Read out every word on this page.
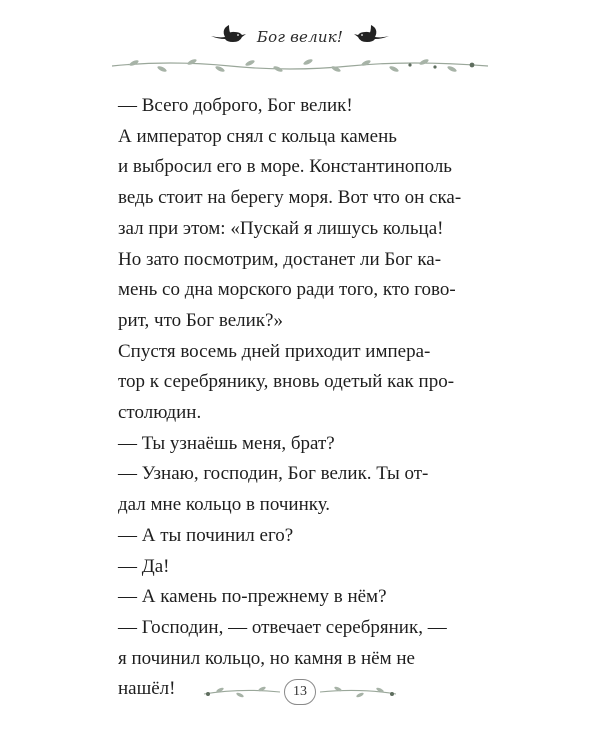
Бог велик!

— Всего доброго, Бог велик!

А император снял с кольца камень

и выбросил его в море. Константинополь

ведь стоит на берегу моря. Вот что он ска-

зал при этом: «Пускай я лишусь кольца!

Но зато посмотрим, достанет ли Бог ка-

мень со дна морского ради того, кто гово-

рит, что Бог велик?»

Спустя восемь дней приходит импера-

тор к серебрянику, вновь одетый как про-

столюдин.

— Ты узнаёшь меня, брат?

— Узнаю, господин, Бог велик. Ты от-

дал мне кольцо в починку.

— А ты починил его?

— Да!

— А камень по-прежнему в нём?

— Господин, — отвечает серебряник, —

я починил кольцо, но камня в нём не

нашёл!	13
